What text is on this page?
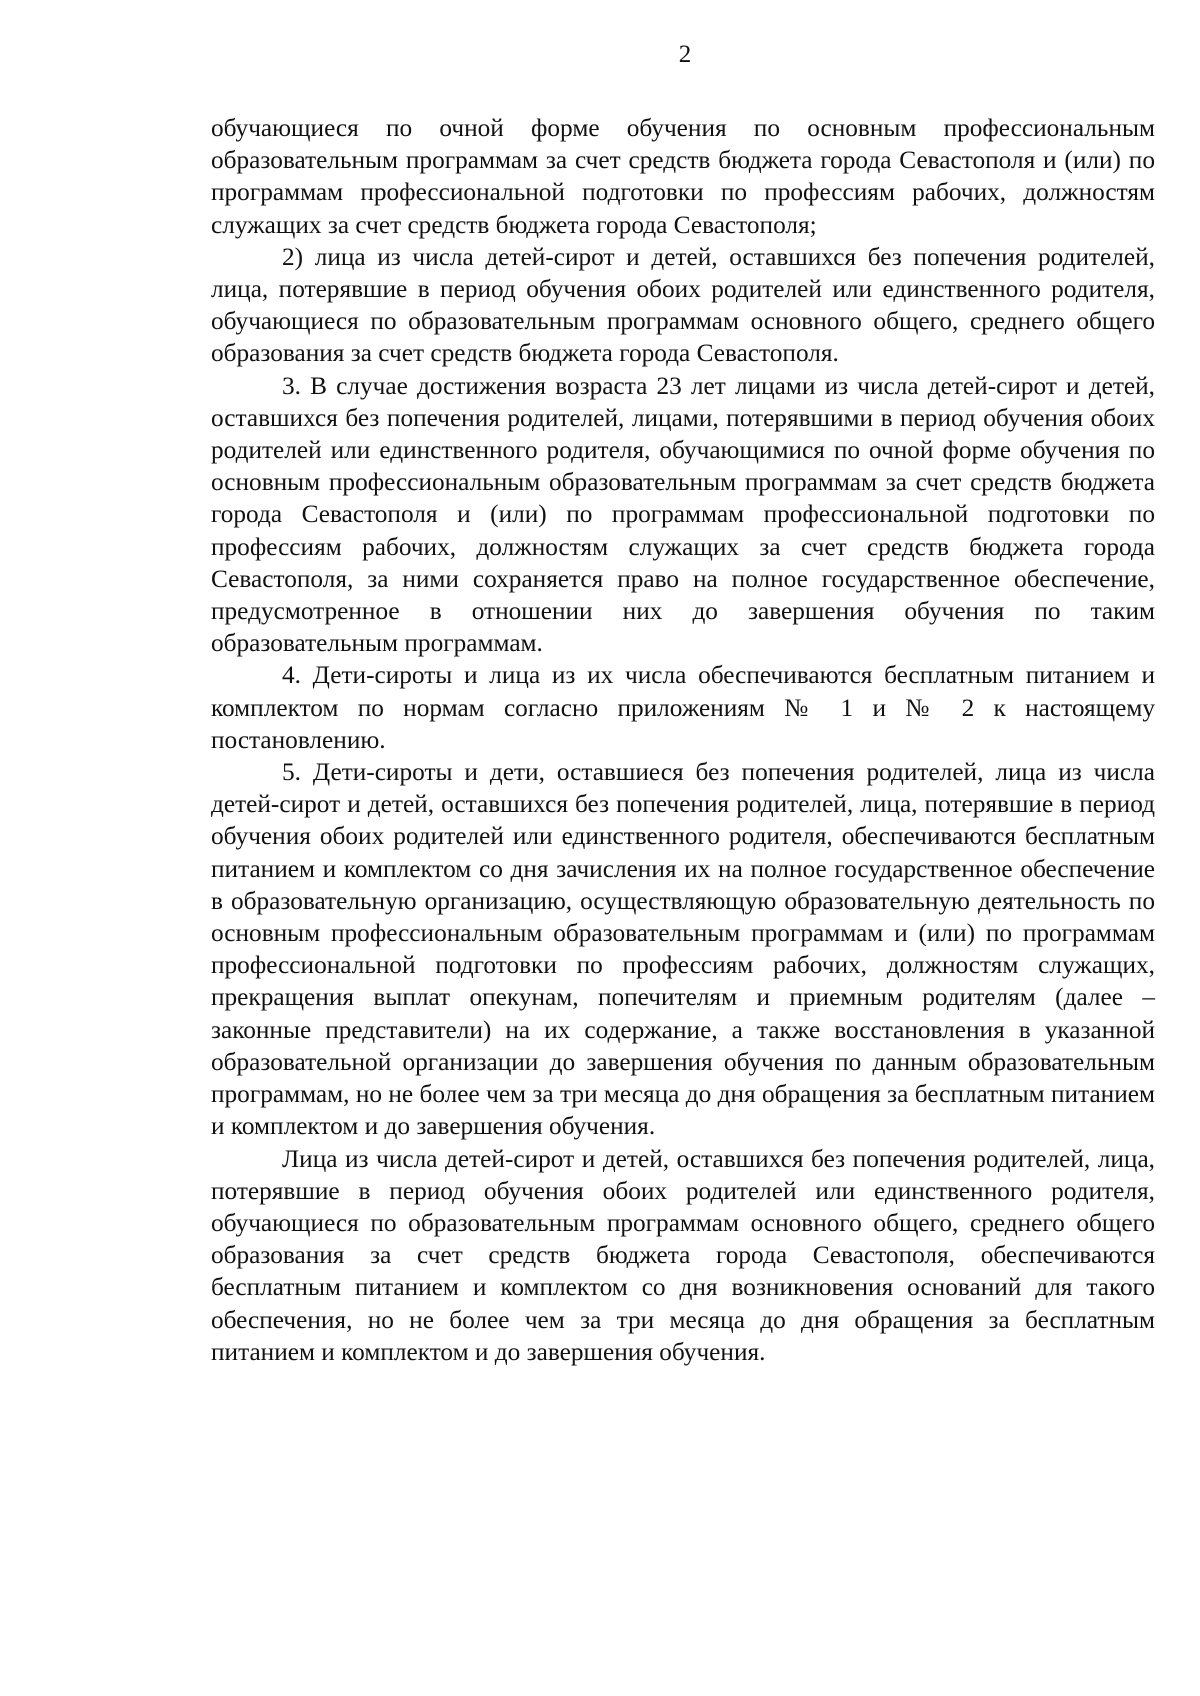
2

обучающиеся по очной форме обучения по основным профессиональным образовательным программам за счет средств бюджета города Севастополя и (или) по программам профессиональной подготовки по профессиям рабочих, должностям служащих за счет средств бюджета города Севастополя;

2) лица из числа детей-сирот и детей, оставшихся без попечения родителей, лица, потерявшие в период обучения обоих родителей или единственного родителя, обучающиеся по образовательным программам основного общего, среднего общего образования за счет средств бюджета города Севастополя.

3. В случае достижения возраста 23 лет лицами из числа детей-сирот и детей, оставшихся без попечения родителей, лицами, потерявшими в период обучения обоих родителей или единственного родителя, обучающимися по очной форме обучения по основным профессиональным образовательным программам за счет средств бюджета города Севастополя и (или) по программам профессиональной подготовки по профессиям рабочих, должностям служащих за счет средств бюджета города Севастополя, за ними сохраняется право на полное государственное обеспечение, предусмотренное в отношении них до завершения обучения по таким образовательным программам.

4. Дети-сироты и лица из их числа обеспечиваются бесплатным питанием и комплектом по нормам согласно приложениям № 1 и № 2 к настоящему постановлению.

5. Дети-сироты и дети, оставшиеся без попечения родителей, лица из числа детей-сирот и детей, оставшихся без попечения родителей, лица, потерявшие в период обучения обоих родителей или единственного родителя, обеспечиваются бесплатным питанием и комплектом со дня зачисления их на полное государственное обеспечение в образовательную организацию, осуществляющую образовательную деятельность по основным профессиональным образовательным программам и (или) по программам профессиональной подготовки по профессиям рабочих, должностям служащих, прекращения выплат опекунам, попечителям и приемным родителям (далее – законные представители) на их содержание, а также восстановления в указанной образовательной организации до завершения обучения по данным образовательным программам, но не более чем за три месяца до дня обращения за бесплатным питанием и комплектом и до завершения обучения.

Лица из числа детей-сирот и детей, оставшихся без попечения родителей, лица, потерявшие в период обучения обоих родителей или единственного родителя, обучающиеся по образовательным программам основного общего, среднего общего образования за счет средств бюджета города Севастополя, обеспечиваются бесплатным питанием и комплектом со дня возникновения оснований для такого обеспечения, но не более чем за три месяца до дня обращения за бесплатным питанием и комплектом и до завершения обучения.
